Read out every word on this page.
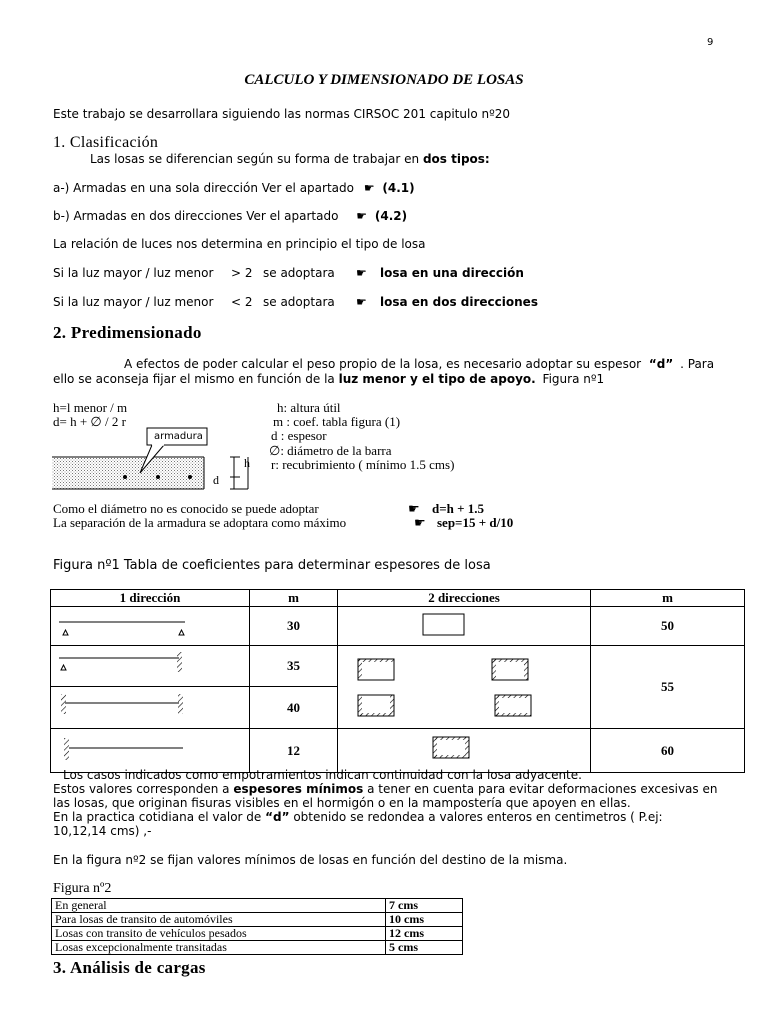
9
CALCULO Y DIMENSIONADO DE LOSAS
Este trabajo se desarrollara siguiendo las normas CIRSOC 201 capitulo nº20
1. Clasificación
Las losas se diferencian según su forma de trabajar en dos tipos:
a-) Armadas en una sola dirección Ver el apartado ☛ (4.1)
b-) Armadas en dos direcciones Ver el apartado ☛ (4.2)
La relación de luces nos determina en principio el tipo de losa
Si la luz mayor / luz menor > 2 se adoptara ☛ losa en una dirección
Si la luz mayor / luz menor < 2 se adoptara ☛ losa en dos direcciones
2. Predimensionado
A efectos de poder calcular el peso propio de la losa, es necesario adoptar su espesor “d” . Para
ello se aconseja fijar el mismo en función de la luz menor y el tipo de apoyo. Figura nº1
h=l menor / m
d= h + ∅ / 2 r
h: altura útil
m : coef. tabla figura (1)
d : espesor
∅: diámetro de la barra
r: recubrimiento ( mínimo 1.5 cms)
armadura
d
h
Como el diámetro no es conocido se puede adoptar	☛ d=h + 1.5
La separación de la armadura se adoptara como máximo	☛ sep=15 + d/10
Figura nº1 Tabla de coeficientes para determinar espesores de losa
1 dirección	m	2 direcciones	m
	30		50
	35		55
	40		
	12		60
Los casos indicados como empotramientos indican continuidad con la losa adyacente.
Estos valores corresponden a espesores mínimos a tener en cuenta para evitar deformaciones excesivas en
las losas, que originan fisuras visibles en el hormigón o en la mampostería que apoyen en ellas.
En la practica cotidiana el valor de “d” obtenido se redondea a valores enteros en centimetros ( P.ej:
10,12,14 cms) ,-
En la figura nº2 se fijan valores mínimos de losas en función del destino de la misma.
Figura nº2
En general	7 cms
Para losas de transito de automóviles	10 cms
Losas con transito de vehículos pesados	12 cms
Losas excepcionalmente transitadas	5 cms
3. Análisis de cargas
